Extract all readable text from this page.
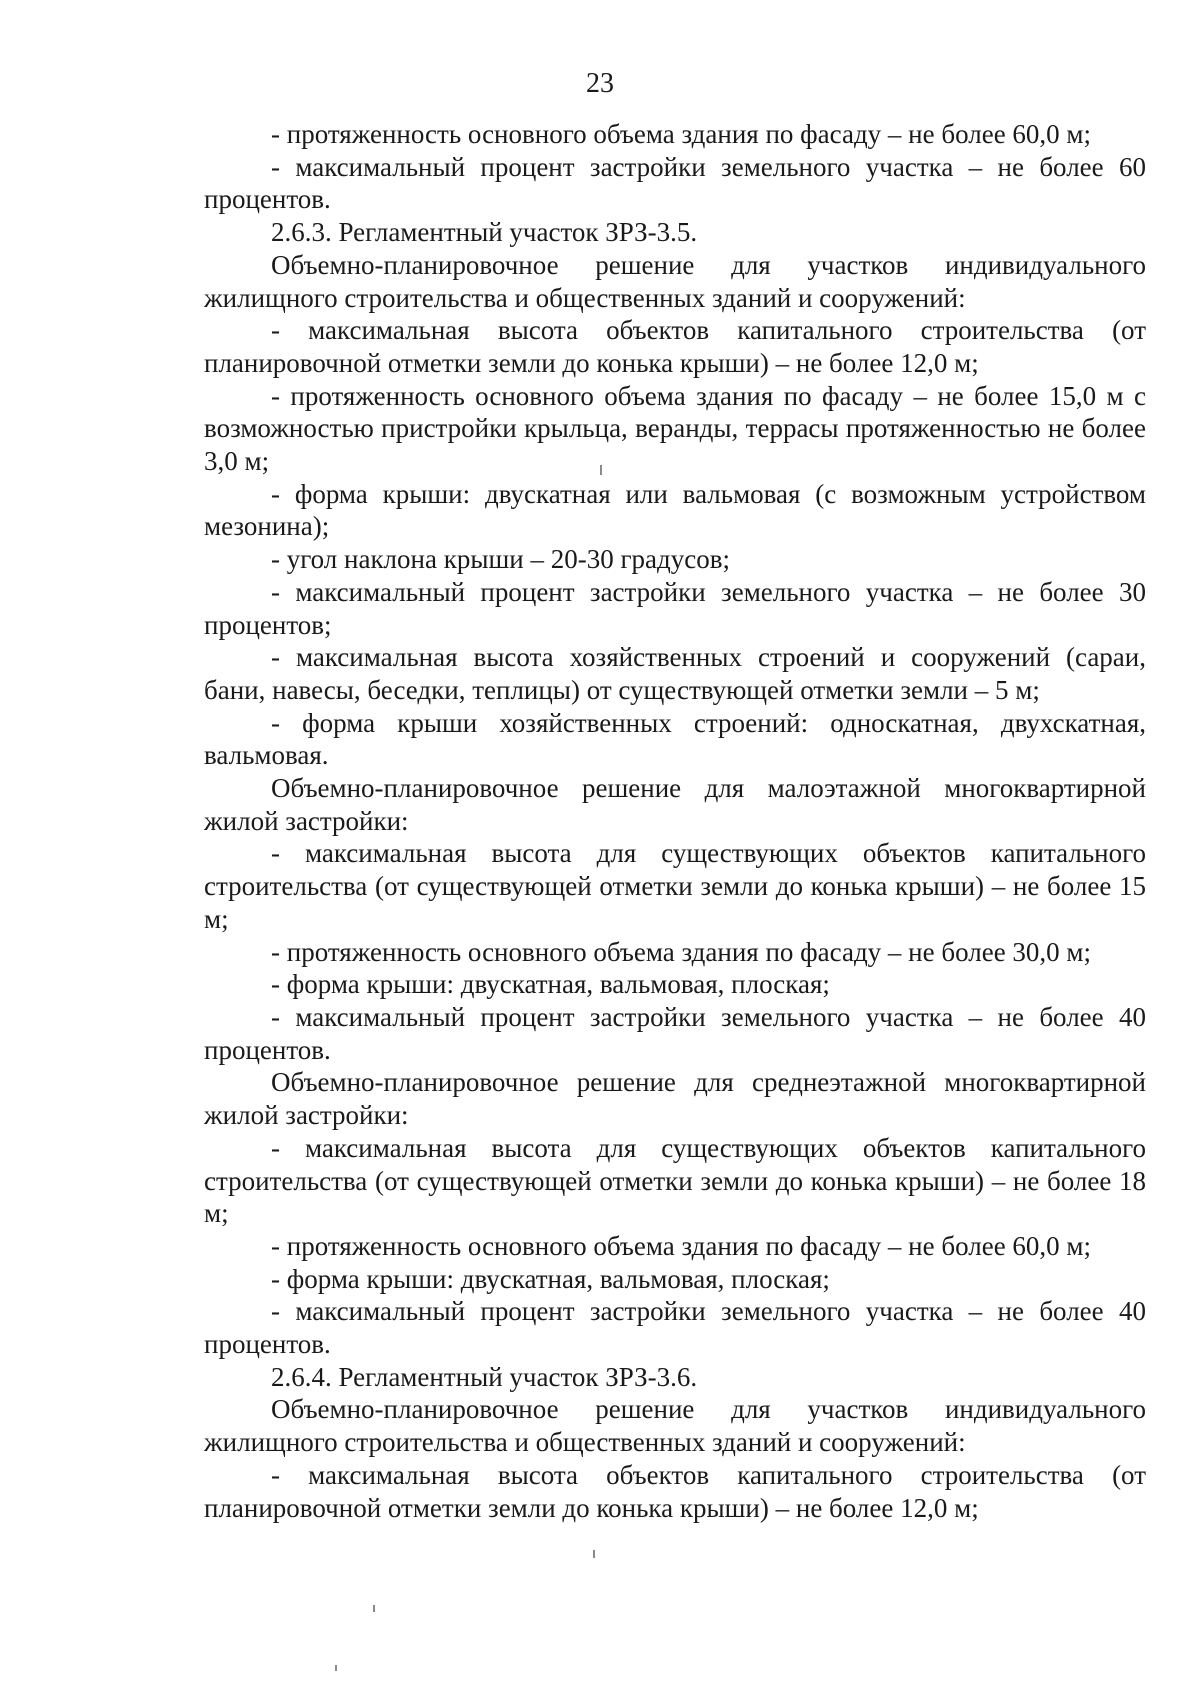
23

- протяженность основного объема здания по фасаду – не более 60,0 м;

- максимальный процент застройки земельного участка – не более 60 процентов.

2.6.3. Регламентный участок ЗРЗ-3.5.

Объемно-планировочное решение для участков индивидуального жилищного строительства и общественных зданий и сооружений:

- максимальная высота объектов капитального строительства (от планировочной отметки земли до конька крыши) – не более 12,0 м;

- протяженность основного объема здания по фасаду – не более 15,0 м с возможностью пристройки крыльца, веранды, террасы протяженностью не более 3,0 м;

- форма крыши: двускатная или вальмовая (с возможным устройством мезонина);

- угол наклона крыши – 20-30 градусов;

- максимальный процент застройки земельного участка – не более 30 процентов;

- максимальная высота хозяйственных строений и сооружений (сараи, бани, навесы, беседки, теплицы) от существующей отметки земли – 5 м;

- форма крыши хозяйственных строений: односкатная, двухскатная, вальмовая.

Объемно-планировочное решение для малоэтажной многоквартирной жилой застройки:

- максимальная высота для существующих объектов капитального строительства (от существующей отметки земли до конька крыши) – не более 15 м;

- протяженность основного объема здания по фасаду – не более 30,0 м;

- форма крыши: двускатная, вальмовая, плоская;

- максимальный процент застройки земельного участка – не более 40 процентов.

Объемно-планировочное решение для среднеэтажной многоквартирной жилой застройки:

- максимальная высота для существующих объектов капитального строительства (от существующей отметки земли до конька крыши) – не более 18 м;

- протяженность основного объема здания по фасаду – не более 60,0 м;

- форма крыши: двускатная, вальмовая, плоская;

- максимальный процент застройки земельного участка – не более 40 процентов.

2.6.4. Регламентный участок ЗРЗ-3.6.

Объемно-планировочное решение для участков индивидуального жилищного строительства и общественных зданий и сооружений:

- максимальная высота объектов капитального строительства (от планировочной отметки земли до конька крыши) – не более 12,0 м;
